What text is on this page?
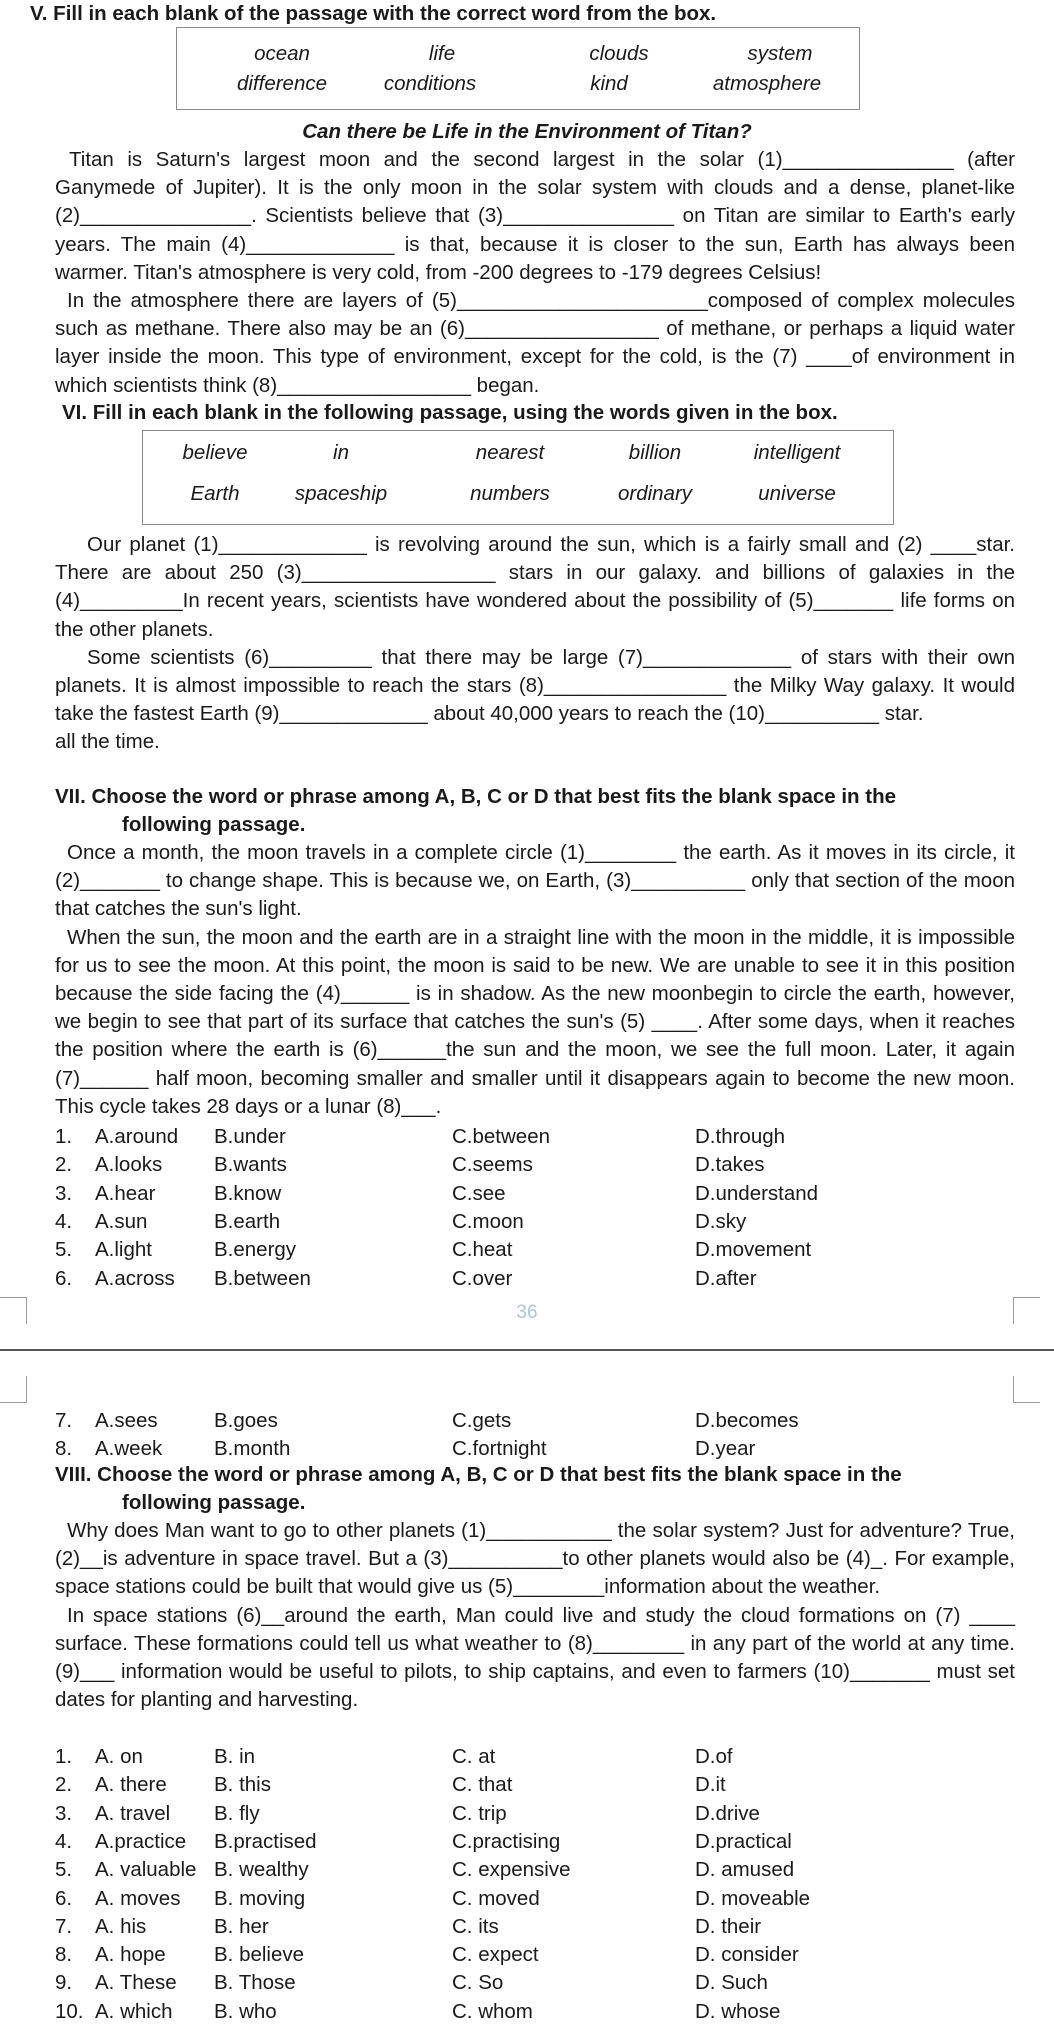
V. Fill in each blank of the passage with the correct word from the box.
ocean	life	clouds	system
difference	conditions	kind	atmosphere
Can there be Life in the Environment of Titan?

Titan is Saturn's largest moon and the second largest in the solar (1)_______________ (after Ganymede of Jupiter). It is the only moon in the solar system with clouds and a dense, planet-like (2)_______________. Scientists believe that (3)_______________ on Titan are similar to Earth's early years. The main (4)_____________ is that, because it is closer to the sun, Earth has always been warmer. Titan's atmosphere is very cold, from -200 degrees to -179 degrees Celsius!

In the atmosphere there are layers of (5)______________________composed of complex molecules such as methane. There also may be an (6)_________________ of methane, or perhaps a liquid water layer inside the moon. This type of environment, except for the cold, is the (7) ____of environment in which scientists think (8)_________________ began.

VI. Fill in each blank in the following passage, using the words given in the box.
believe	in	nearest	billion	intelligent
Earth	spaceship	numbers	ordinary	universe

Our planet (1)_____________ is revolving around the sun, which is a fairly small and (2) ____star. There are about 250 (3)_________________ stars in our galaxy. and billions of galaxies in the (4)_________In recent years, scientists have wondered about the possibility of (5)_______ life forms on the other planets.

Some scientists (6)_________ that there may be large (7)_____________ of stars with their own planets. It is almost impossible to reach the stars (8)________________ the Milky Way galaxy. It would take the fastest Earth (9)_____________ about 40,000 years to reach the (10)__________ star.

all the time.

VII. Choose the word or phrase among A, B, C or D that best fits the blank space in the
following passage.

Once a month, the moon travels in a complete circle (1)________ the earth. As it moves in its circle, it (2)_______ to change shape. This is because we, on Earth, (3)__________ only that section of the moon that catches the sun's light.

When the sun, the moon and the earth are in a straight line with the moon in the middle, it is impossible for us to see the moon. At this point, the moon is said to be new. We are unable to see it in this position because the side facing the (4)______ is in shadow. As the new moonbegin to circle the earth, however, we begin to see that part of its surface that catches the sun's (5) ____. After some days, when it reaches the position where the earth is (6)______the sun and the moon, we see the full moon. Later, it again (7)______ half moon, becoming smaller and smaller until it disappears again to become the new moon. This cycle takes 28 days or a lunar (8)___.

1. A.around B.under	C.between	D.through
2. A.looks	B.wants	C.seems	D.takes
3. A.hear	B.know	C.see	D.understand
4. A.sun	B.earth	C.moon	D.sky
5. A.light	B.energy	C.heat	D.movement
6. A.across B.between	C.over	D.after
36
7. A.sees	B.goes	C.gets	D.becomes
8. A.week	B.month	C.fortnight	D.year
VIII. Choose the word or phrase among A, B, C or D that best fits the blank space in the
following passage.

Why does Man want to go to other planets (1)___________ the solar system? Just for adventure? True, (2)__is adventure in space travel. But a (3)__________to other planets would also be (4)_. For example, space stations could be built that would give us (5)________information about the weather.

In space stations (6)__around the earth, Man could live and study the cloud formations on (7) ____ surface. These formations could tell us what weather to (8)________ in any part of the world at any time. (9)___ information would be useful to pilots, to ship captains, and even to farmers (10)_______ must set dates for planting and harvesting.

1. A. on	B. in	C. at	D.of
2. A. there B. this	C. that	D.it
3. A. travel B. fly	C. trip	D.drive
4. A.practice B.practised	C.practising	D.practical
5. A. valuable B. wealthy	C. expensive	D. amused
6. A. moves B. moving	C. moved	D. moveable
7. A. his	B. her	C. its	D. their
8. A. hope B. believe	C. expect	D. consider
9. A. These B. Those	C. So	D. Such
10. A. which B. who	C. whom	D. whose
